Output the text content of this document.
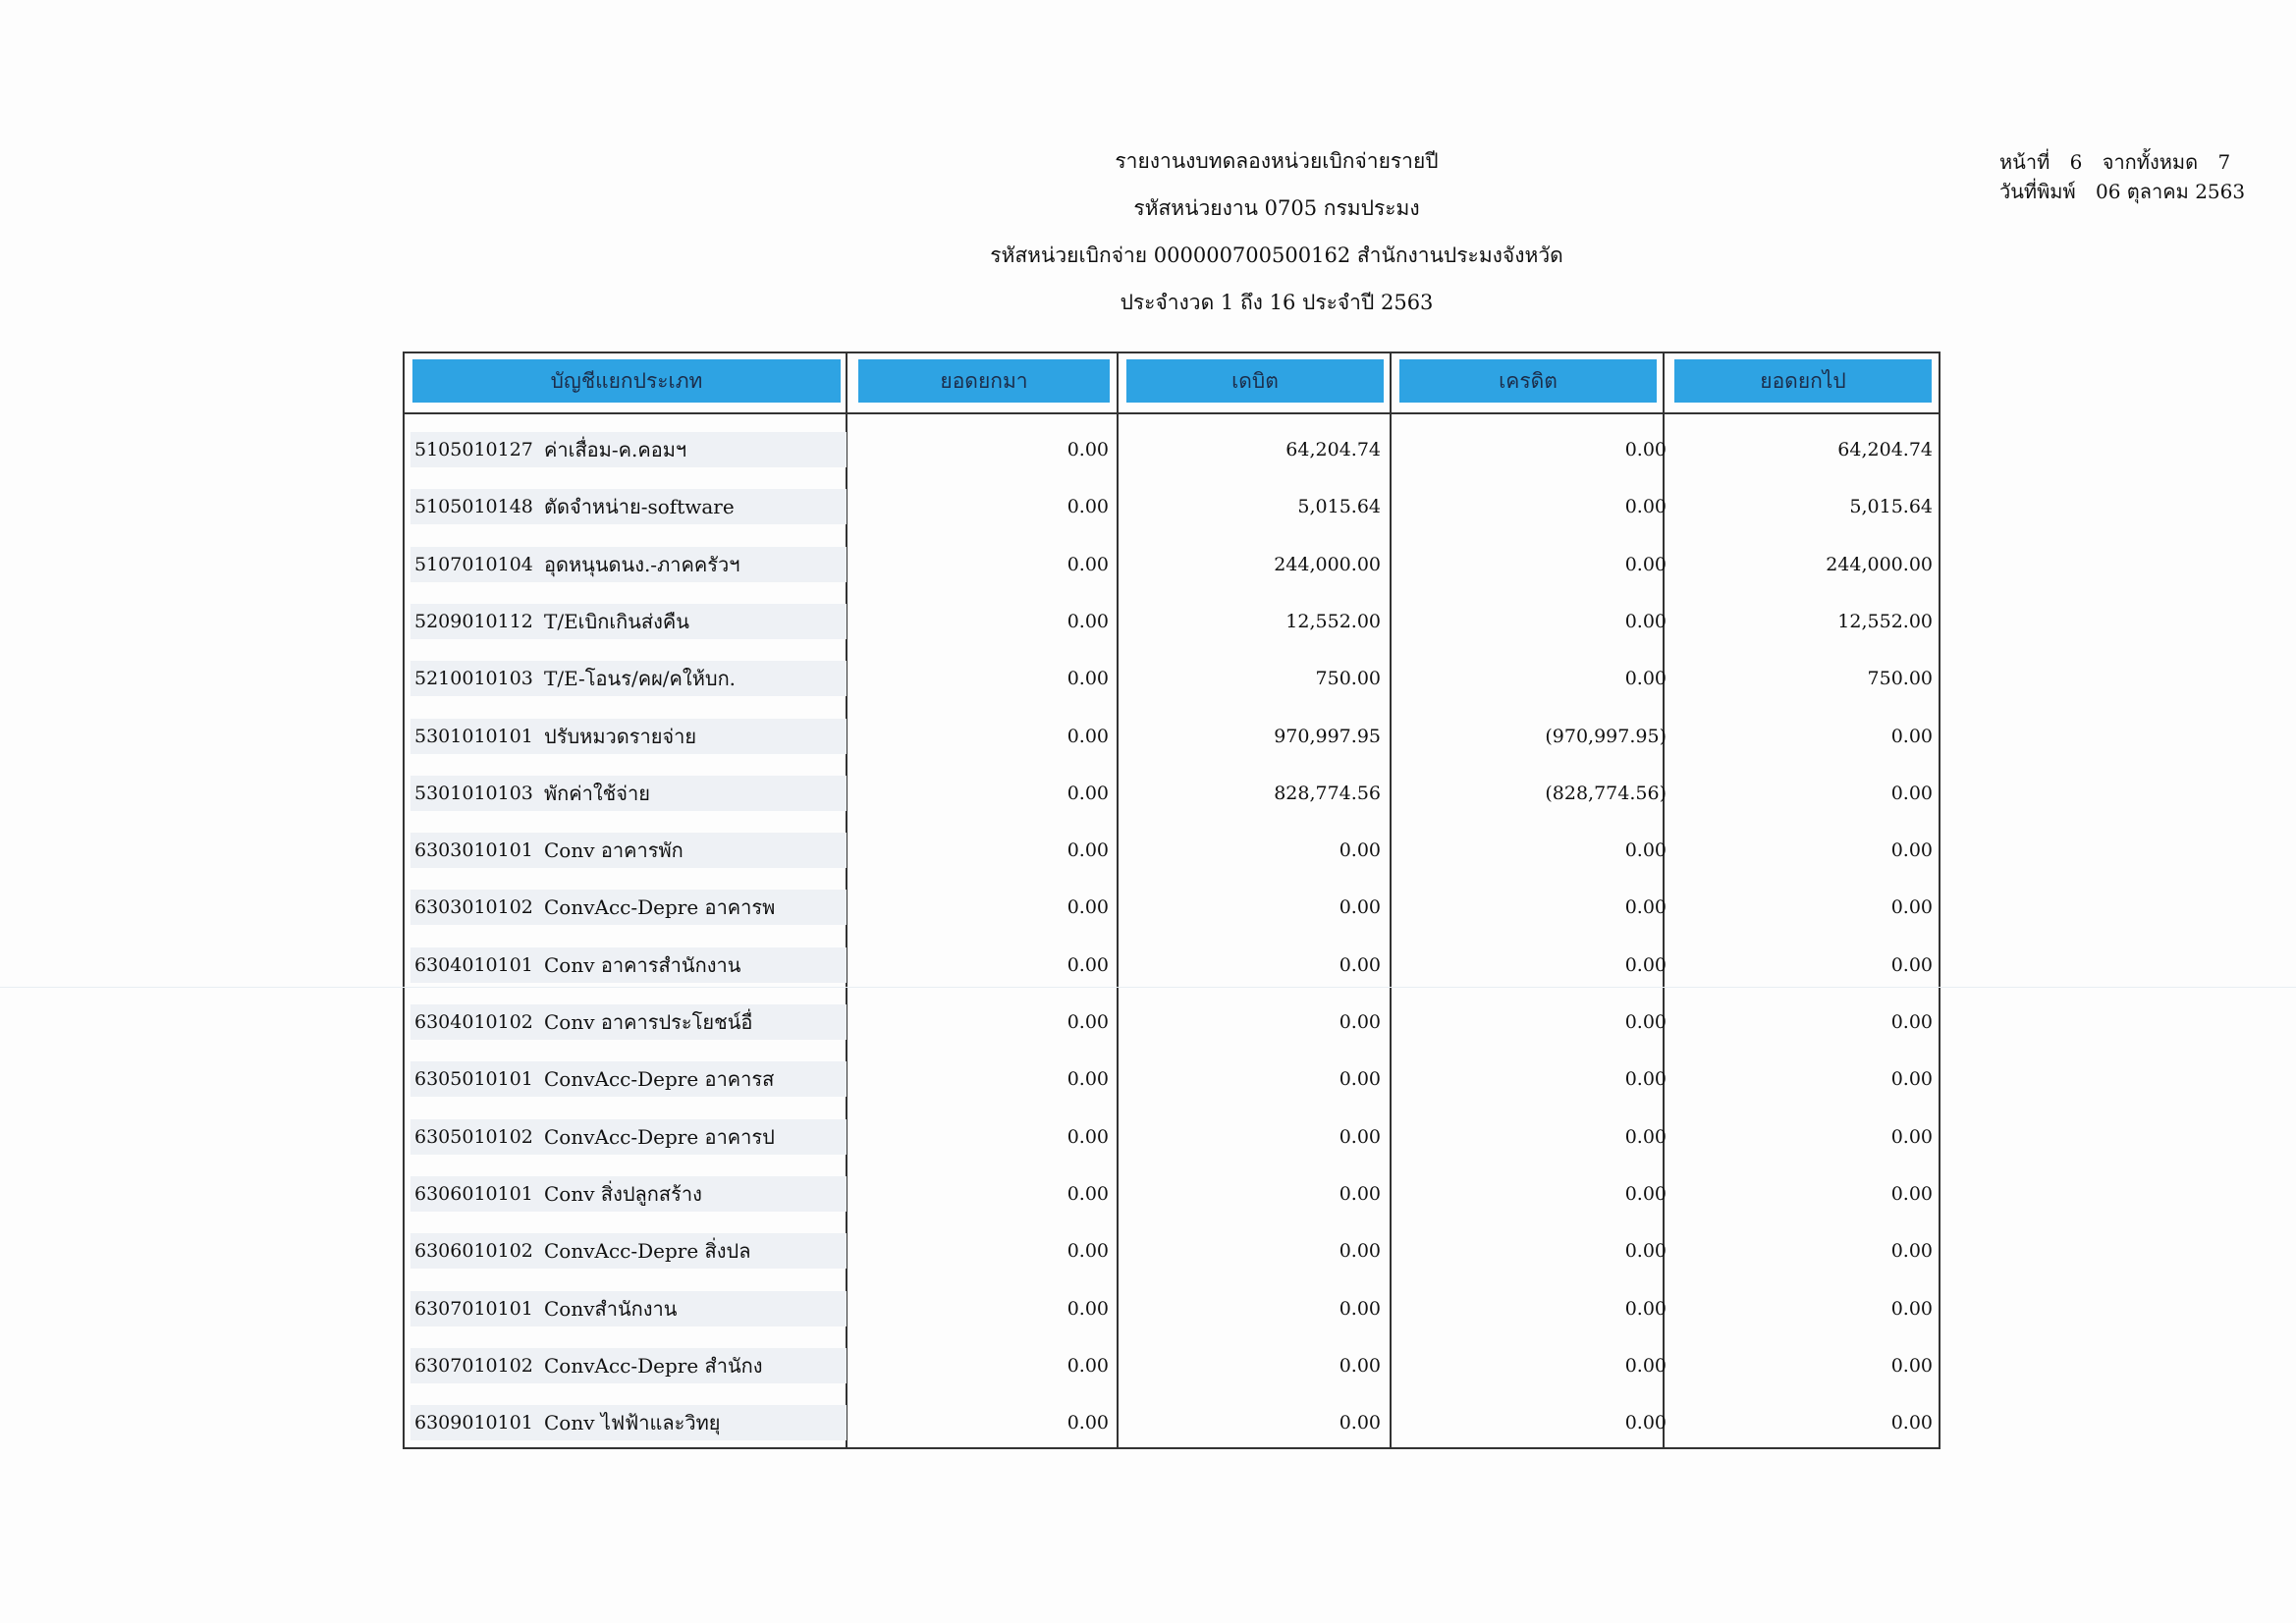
รายงานงบทดลองหน่วยเบิกจ่ายรายปี
รหัสหน่วยงาน 0705 กรมประมง
รหัสหน่วยเบิกจ่าย 000000700500162 สำนักงานประมงจังหวัด
ประจำงวด 1 ถึง 16 ประจำปี 2563
หน้าที่ 6 จากทั้งหมด 7
วันที่พิมพ์ 06 ตุลาคม 2563
บัญชีแยกประเภท	ยอดยกมา	เดบิต	เครดิต	ยอดยกไป
5105010127 ค่าเสื่อม-ค.คอมฯ	0.00	64,204.74	0.00	64,204.74
5105010148 ตัดจำหน่าย-software	0.00	5,015.64	0.00	5,015.64
5107010104 อุดหนุนดนง.-ภาคครัวฯ	0.00	244,000.00	0.00	244,000.00
5209010112 T/Eเบิกเกินส่งคืน	0.00	12,552.00	0.00	12,552.00
5210010103 T/E-โอนร/คผ/คให้บก.	0.00	750.00	0.00	750.00
5301010101 ปรับหมวดรายจ่าย	0.00	970,997.95	(970,997.95)	0.00
5301010103 พักค่าใช้จ่าย	0.00	828,774.56	(828,774.56)	0.00
6303010101 Conv อาคารพัก	0.00	0.00	0.00	0.00
6303010102 ConvAcc-Depre อาคารพ	0.00	0.00	0.00	0.00
6304010101 Conv อาคารสำนักงาน	0.00	0.00	0.00	0.00
6304010102 Conv อาคารประโยชน์อื่	0.00	0.00	0.00	0.00
6305010101 ConvAcc-Depre อาคารส	0.00	0.00	0.00	0.00
6305010102 ConvAcc-Depre อาคารป	0.00	0.00	0.00	0.00
6306010101 Conv สิ่งปลูกสร้าง	0.00	0.00	0.00	0.00
6306010102 ConvAcc-Depre สิ่งปล	0.00	0.00	0.00	0.00
6307010101 Convสำนักงาน	0.00	0.00	0.00	0.00
6307010102 ConvAcc-Depre สำนักง	0.00	0.00	0.00	0.00
6309010101 Conv ไฟฟ้าและวิทยุ	0.00	0.00	0.00	0.00
